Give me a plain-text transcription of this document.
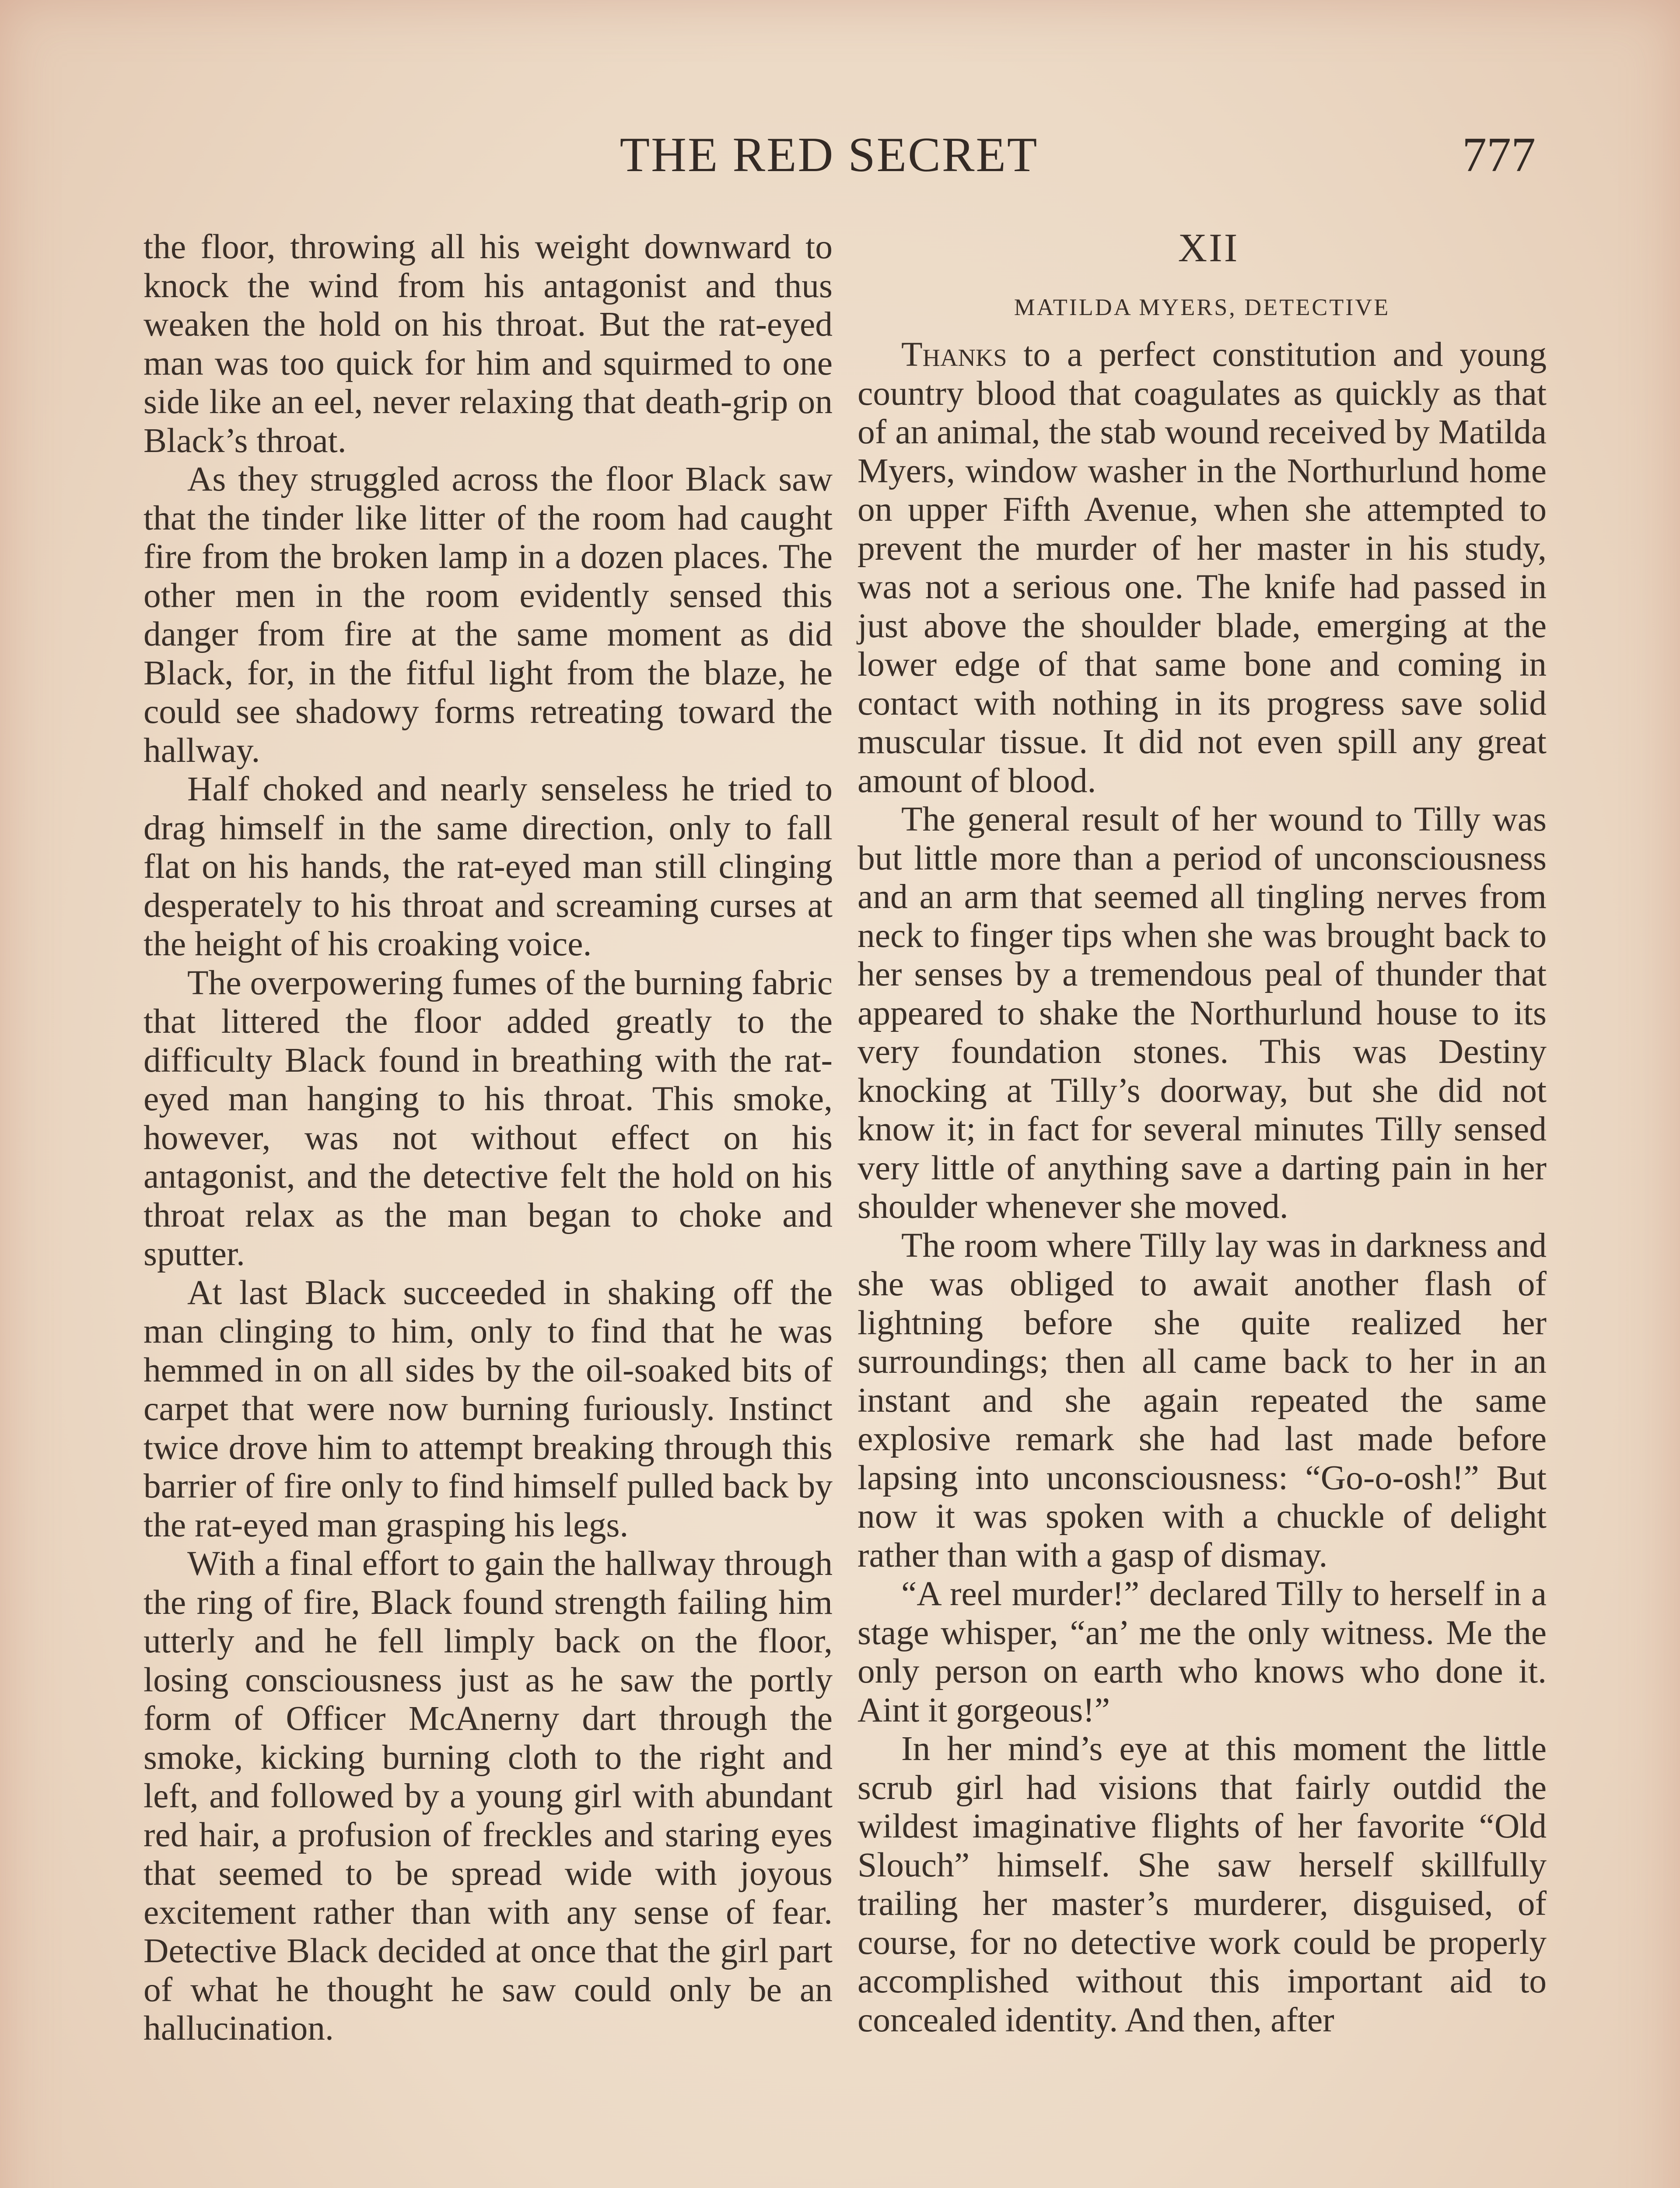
THE RED SECRET	777

the floor, throwing all his weight downward to knock the wind from his antagonist and thus weaken the hold on his throat. But the rat-eyed man was too quick for him and squirmed to one side like an eel, never relaxing that death-grip on Black’s throat.

As they struggled across the floor Black saw that the tinder like litter of the room had caught fire from the broken lamp in a dozen places. The other men in the room evidently sensed this danger from fire at the same moment as did Black, for, in the fitful light from the blaze, he could see shadowy forms retreating toward the hallway.

Half choked and nearly senseless he tried to drag himself in the same direction, only to fall flat on his hands, the rat-eyed man still clinging desperately to his throat and screaming curses at the height of his croaking voice.

The overpowering fumes of the burning fabric that littered the floor added greatly to the difficulty Black found in breathing with the rat-eyed man hanging to his throat. This smoke, however, was not without effect on his antagonist, and the detective felt the hold on his throat relax as the man began to choke and sputter.

At last Black succeeded in shaking off the man clinging to him, only to find that he was hemmed in on all sides by the oil-soaked bits of carpet that were now burning furiously. Instinct twice drove him to attempt breaking through this barrier of fire only to find himself pulled back by the rat-eyed man grasping his legs.

With a final effort to gain the hallway through the ring of fire, Black found strength failing him utterly and he fell limply back on the floor, losing consciousness just as he saw the portly form of Officer McAnerny dart through the smoke, kicking burning cloth to the right and left, and followed by a young girl with abundant red hair, a profusion of freckles and staring eyes that seemed to be spread wide with joyous excitement rather than with any sense of fear. Detective Black decided at once that the girl part of what he thought he saw could only be an hallucination.

XII
MATILDA MYERS, DETECTIVE

Thanks to a perfect constitution and young country blood that coagulates as quickly as that of an animal, the stab wound received by Matilda Myers, window washer in the Northurlund home on upper Fifth Avenue, when she attempted to prevent the murder of her master in his study, was not a serious one. The knife had passed in just above the shoulder blade, emerging at the lower edge of that same bone and coming in contact with nothing in its progress save solid muscular tissue. It did not even spill any great amount of blood.

The general result of her wound to Tilly was but little more than a period of unconsciousness and an arm that seemed all tingling nerves from neck to finger tips when she was brought back to her senses by a tremendous peal of thunder that appeared to shake the Northurlund house to its very foundation stones. This was Destiny knocking at Tilly’s doorway, but she did not know it; in fact for several minutes Tilly sensed very little of anything save a darting pain in her shoulder whenever she moved.

The room where Tilly lay was in darkness and she was obliged to await another flash of lightning before she quite realized her surroundings; then all came back to her in an instant and she again repeated the same explosive remark she had last made before lapsing into unconsciousness: “Go-o-osh!” But now it was spoken with a chuckle of delight rather than with a gasp of dismay.

“A reel murder!” declared Tilly to herself in a stage whisper, “an’ me the only witness. Me the only person on earth who knows who done it. Aint it gorgeous!”

In her mind’s eye at this moment the little scrub girl had visions that fairly outdid the wildest imaginative flights of her favorite “Old Slouch” himself. She saw herself skillfully trailing her master’s murderer, disguised, of course, for no detective work could be properly accomplished without this important aid to concealed identity. And then, after
